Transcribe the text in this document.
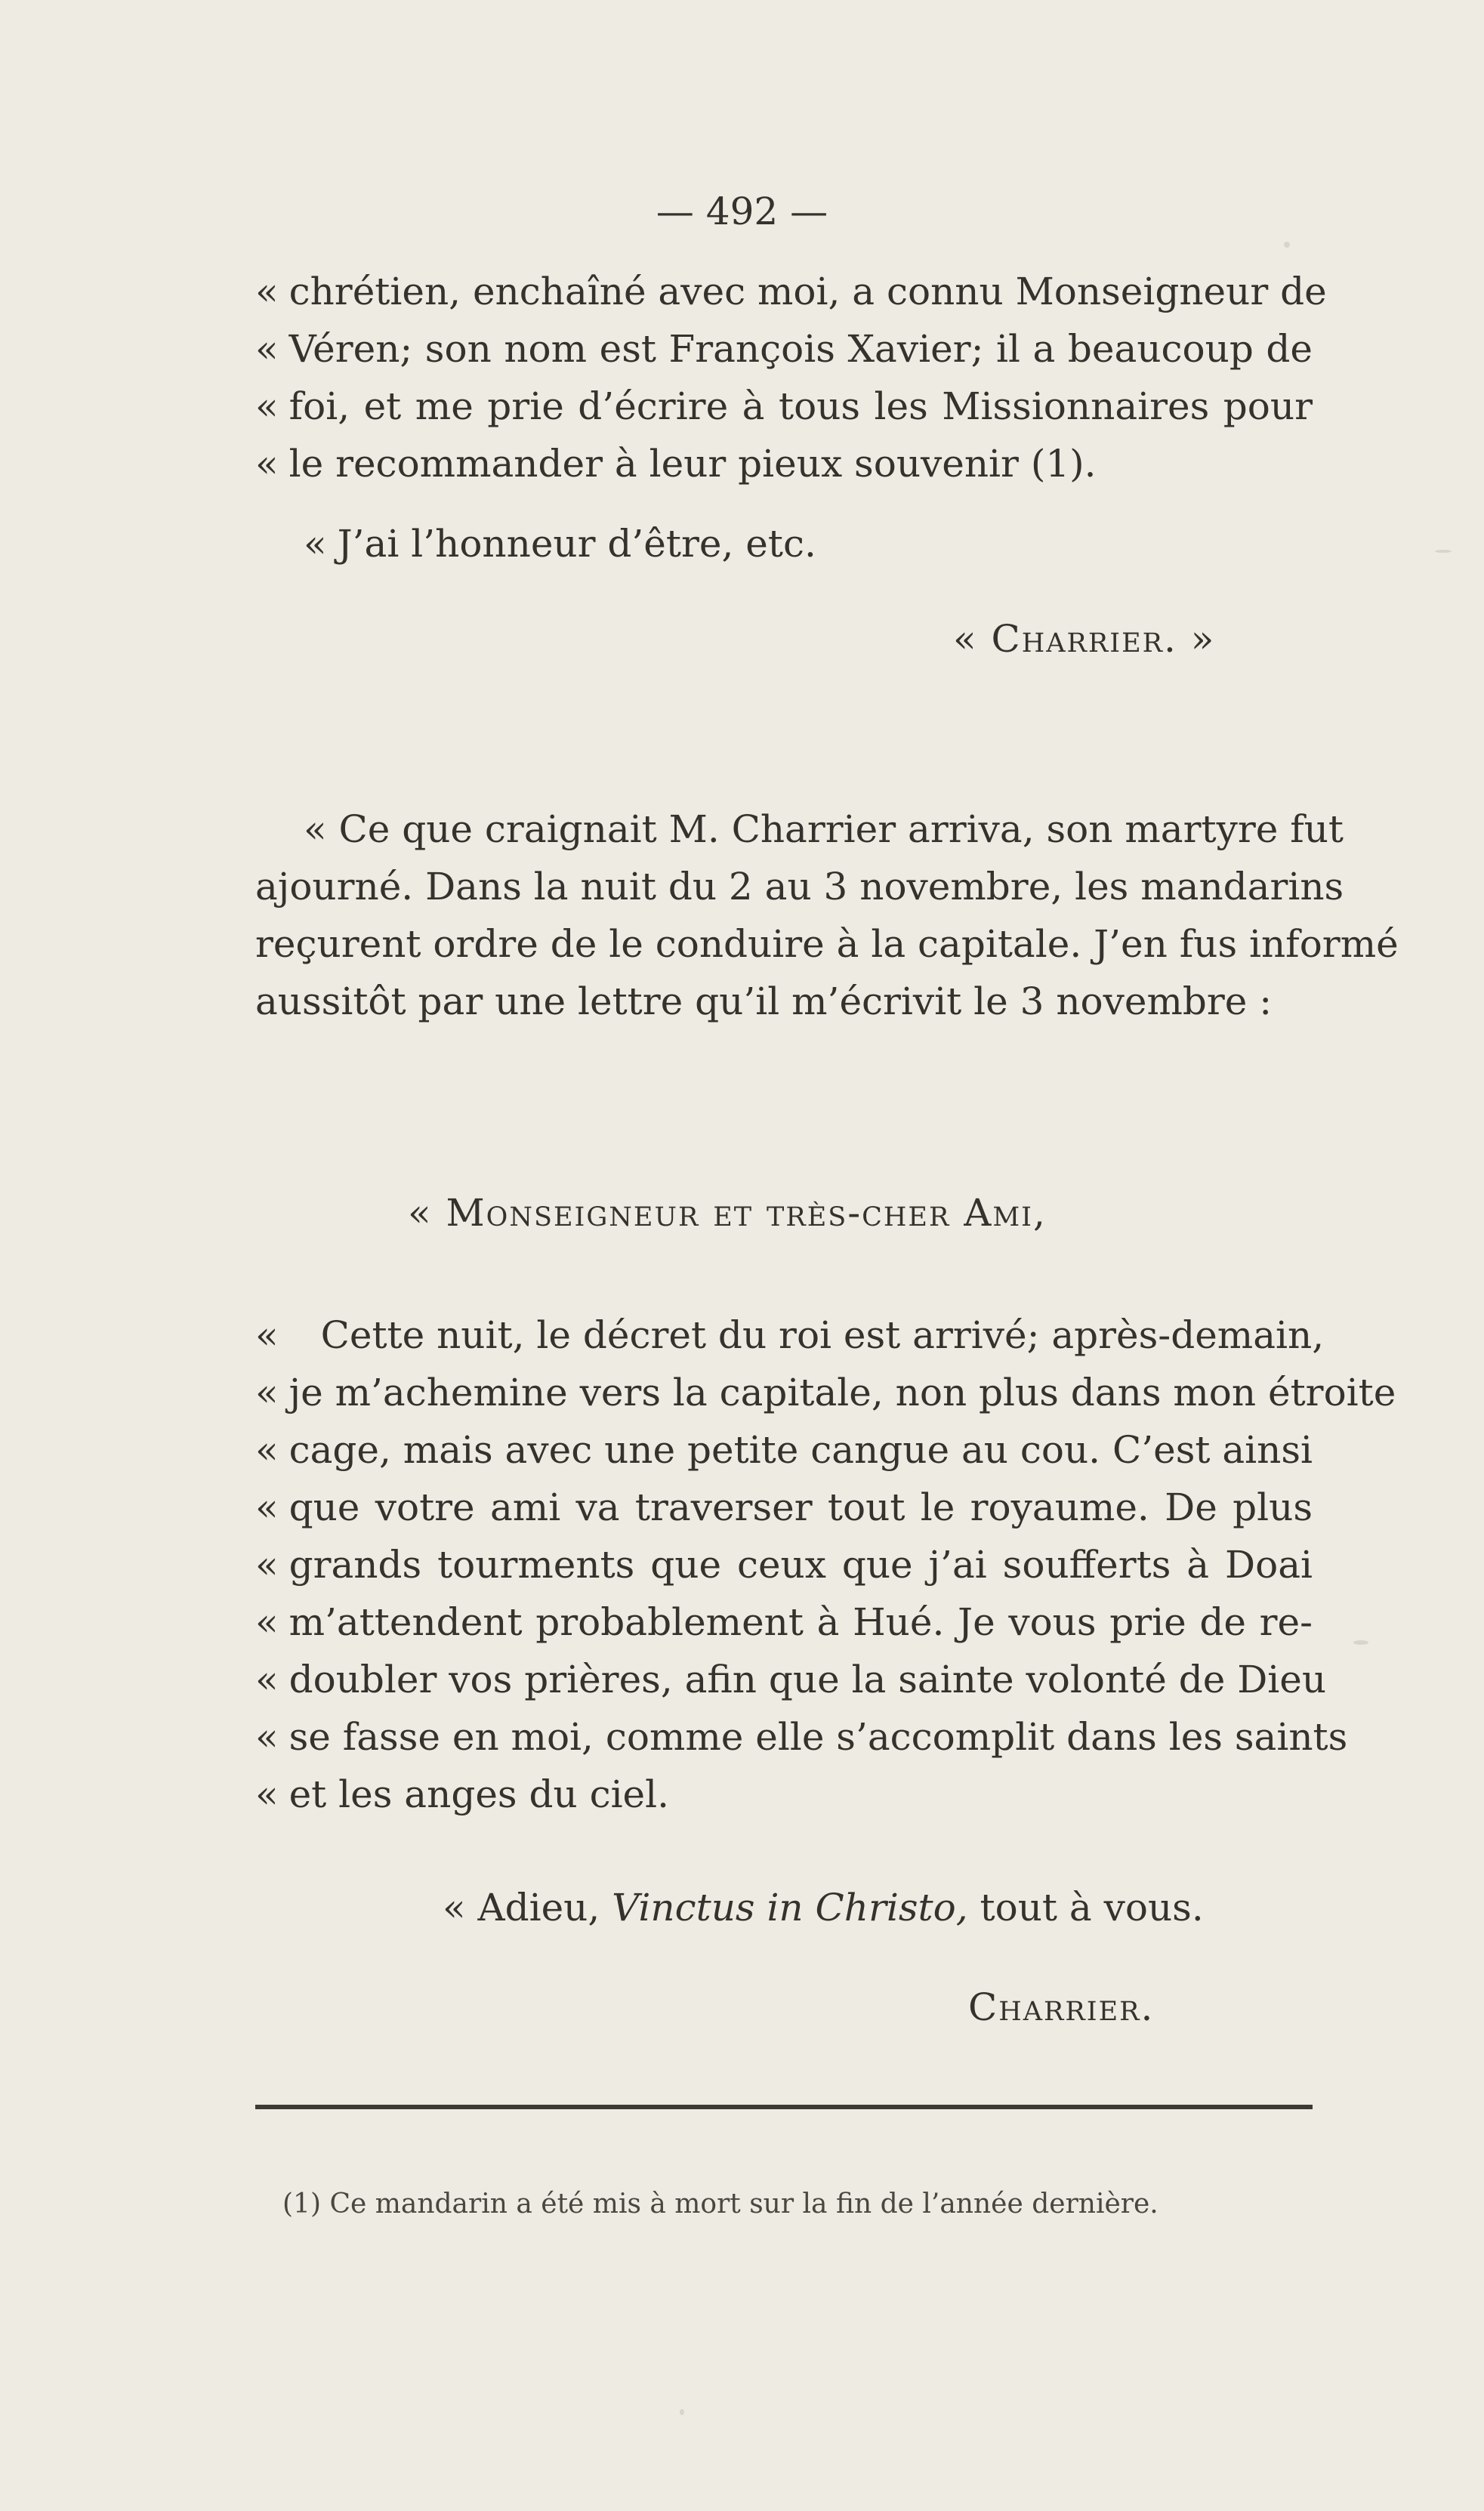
— 492 —
« chrétien, enchaîné avec moi, a connu Monseigneur de
« Véren; son nom est François Xavier; il a beaucoup de
« foi, et me prie d’écrire à tous les Missionnaires pour
« le recommander à leur pieux souvenir (1).
« J’ai l’honneur d’être, etc.
« Charrier. »
« Ce que craignait M. Charrier arriva, son martyre fut
ajourné. Dans la nuit du 2 au 3 novembre, les mandarins
reçurent ordre de le conduire à la capitale. J’en fus informé
aussitôt par une lettre qu’il m’écrivit le 3 novembre :
« Monseigneur et très-cher Ami,
« Cette nuit, le décret du roi est arrivé; après-demain,
« je m’achemine vers la capitale, non plus dans mon étroite
« cage, mais avec une petite cangue au cou. C’est ainsi
« que votre ami va traverser tout le royaume. De plus
« grands tourments que ceux que j’ai soufferts à Doai
« m’attendent probablement à Hué. Je vous prie de re-
« doubler vos prières, afin que la sainte volonté de Dieu
« se fasse en moi, comme elle s’accomplit dans les saints
« et les anges du ciel.
« Adieu, Vinctus in Christo, tout à vous.
Charrier.
(1) Ce mandarin a été mis à mort sur la fin de l’année dernière.
